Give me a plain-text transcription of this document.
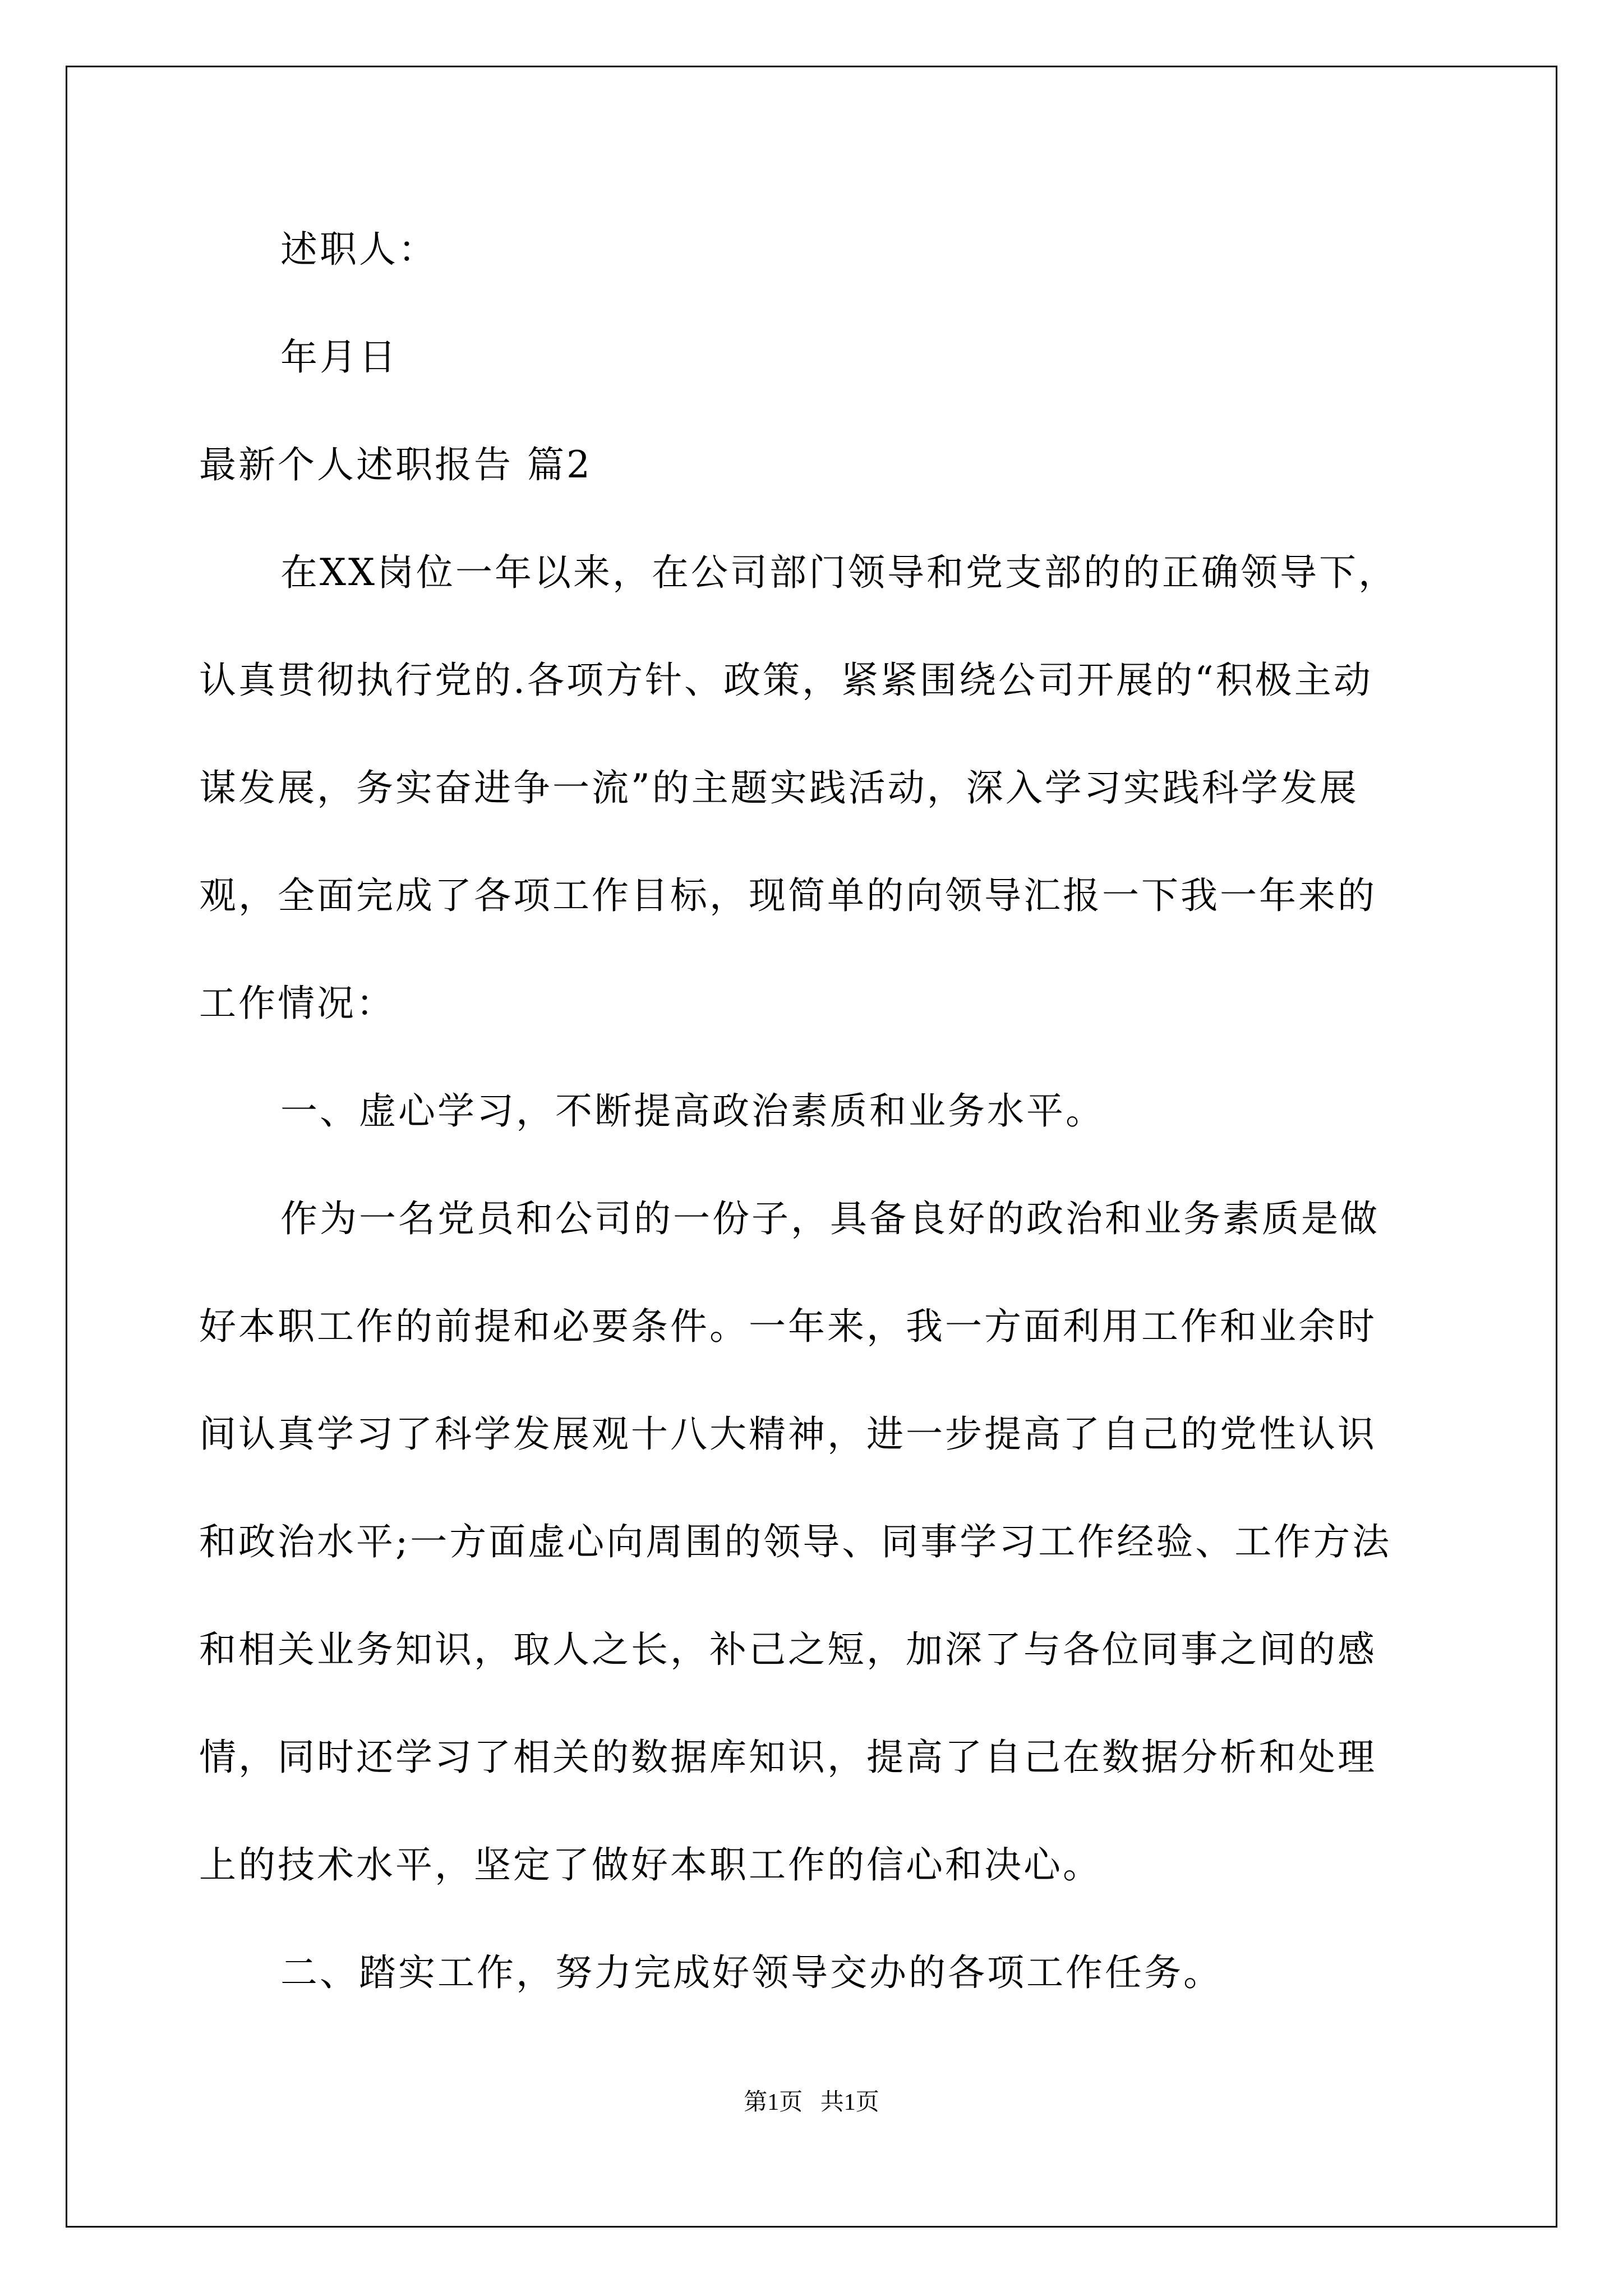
述职人：
年月日
最新个人述职报告 篇2
在XX岗位一年以来，在公司部门领导和党支部的的正确领导下，
认真贯彻执行党的.各项方针、政策，紧紧围绕公司开展的“积极主动
谋发展，务实奋进争一流”的主题实践活动，深入学习实践科学发展
观，全面完成了各项工作目标，现简单的向领导汇报一下我一年来的
工作情况：
一、虚心学习，不断提高政治素质和业务水平。
作为一名党员和公司的一份子，具备良好的政治和业务素质是做
好本职工作的前提和必要条件。一年来，我一方面利用工作和业余时
间认真学习了科学发展观十八大精神，进一步提高了自己的党性认识
和政治水平;一方面虚心向周围的领导、同事学习工作经验、工作方法
和相关业务知识，取人之长，补己之短，加深了与各位同事之间的感
情，同时还学习了相关的数据库知识，提高了自己在数据分析和处理
上的技术水平，坚定了做好本职工作的信心和决心。
二、踏实工作，努力完成好领导交办的各项工作任务。
第1页   共1页
